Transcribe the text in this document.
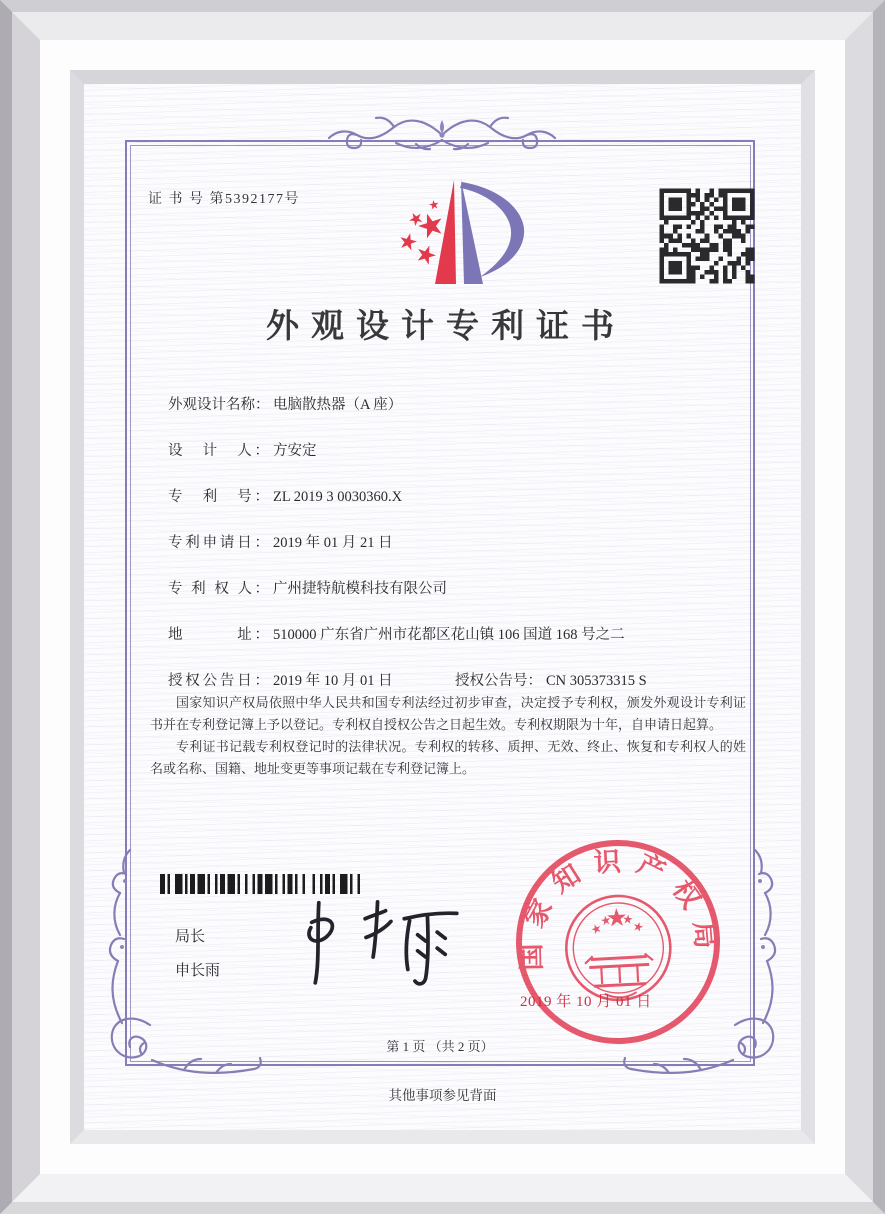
证 书 号 第5392177号
外观设计专利证书
外观设计名称： 电脑散热器（A 座）
设　计　人： 方安定
专　利　号： ZL 2019 3 0030360.X
专利申请日： 2019 年 01 月 21 日
专 利 权 人： 广州捷特航模科技有限公司
地　　　址： 510000 广东省广州市花都区花山镇 106 国道 168 号之二
授权公告日： 2019 年 10 月 01 日	授权公告号： CN 305373315 S

国家知识产权局依照中华人民共和国专利法经过初步审查，决定授予专利权，颁发外观设计专利证书并在专利登记簿上予以登记。专利权自授权公告之日起生效。专利权期限为十年，自申请日起算。

专利证书记载专利权登记时的法律状况。专利权的转移、质押、无效、终止、恢复和专利权人的姓名或名称、国籍、地址变更等事项记载在专利登记簿上。

局长
申长雨	国家知识产权局
2019 年 10 月 01 日
第 1 页 （共 2 页）
其他事项参见背面
